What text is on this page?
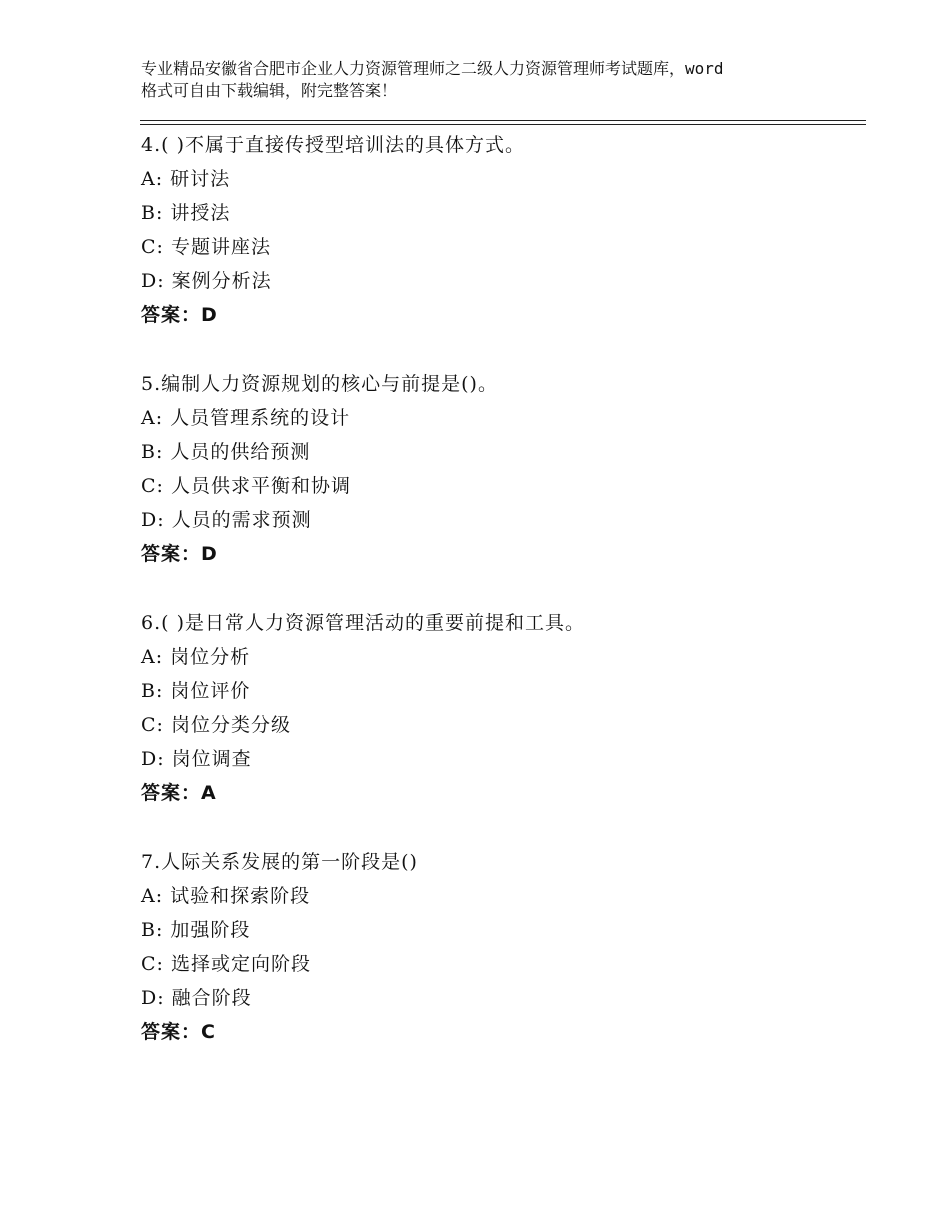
专业精品安徽省合肥市企业人力资源管理师之二级人力资源管理师考试题库，word
格式可自由下载编辑，附完整答案！
4.( )不属于直接传授型培训法的具体方式。
A: 研讨法
B: 讲授法
C: 专题讲座法
D: 案例分析法
答案：D
5.编制人力资源规划的核心与前提是()。
A: 人员管理系统的设计
B: 人员的供给预测
C: 人员供求平衡和协调
D: 人员的需求预测
答案：D
6.( )是日常人力资源管理活动的重要前提和工具。
A: 岗位分析
B: 岗位评价
C: 岗位分类分级
D: 岗位调查
答案：A
7.人际关系发展的第一阶段是()
A: 试验和探索阶段
B: 加强阶段
C: 选择或定向阶段
D: 融合阶段
答案：C
